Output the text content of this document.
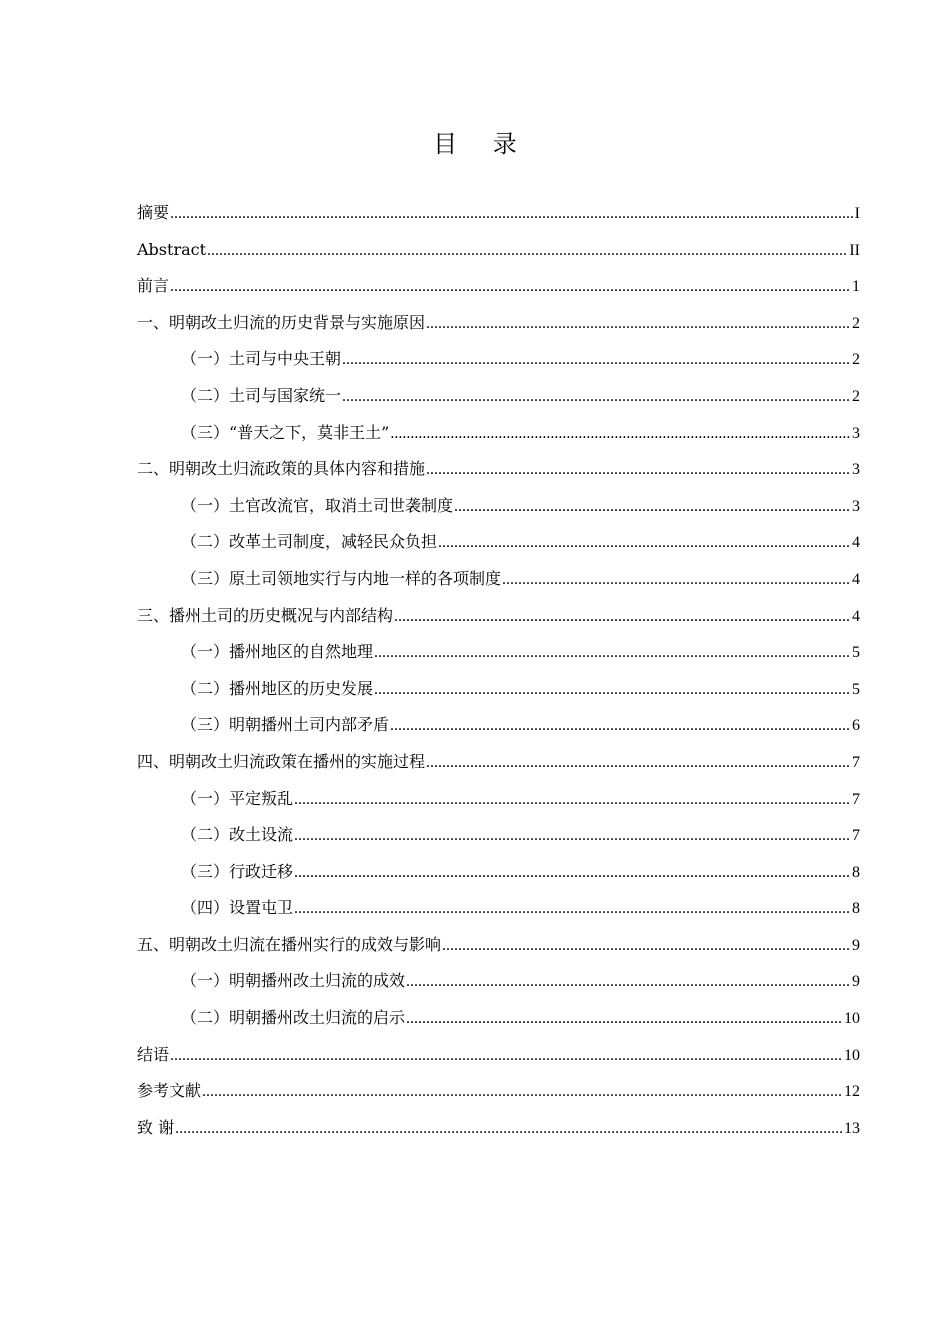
目 录
摘要 .....	I
Abstract .....	II
前言 .....	1
一、明朝改土归流的历史背景与实施原因 .....	2
（一）土司与中央王朝 .....	2
（二）土司与国家统一 .....	2
（三）“普天之下，莫非王土” .....	3
二、明朝改土归流政策的具体内容和措施 .....	3
（一）土官改流官，取消土司世袭制度 .....	3
（二）改革土司制度，减轻民众负担 .....	4
（三）原土司领地实行与内地一样的各项制度 .....	4
三、播州土司的历史概况与内部结构 .....	4
（一）播州地区的自然地理 .....	5
（二）播州地区的历史发展 .....	5
（三）明朝播州土司内部矛盾 .....	6
四、明朝改土归流政策在播州的实施过程 .....	7
（一）平定叛乱 .....	7
（二）改土设流 .....	7
（三）行政迁移 .....	8
（四）设置屯卫 .....	8
五、明朝改土归流在播州实行的成效与影响 .....	9
（一）明朝播州改土归流的成效 .....	9
（二）明朝播州改土归流的启示 .....	10
结语 .....	10
参考文献 .....	12
致 谢 .....	13
